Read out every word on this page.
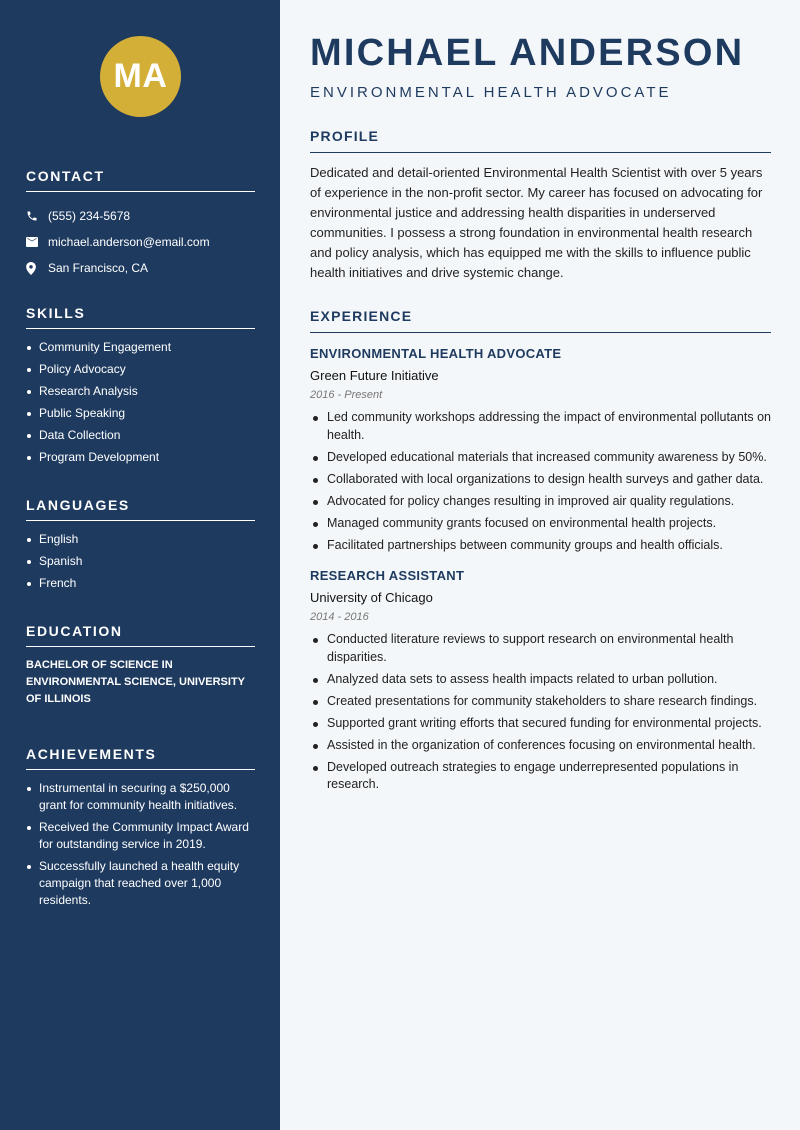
MA
CONTACT
(555) 234-5678
michael.anderson@email.com
San Francisco, CA
SKILLS
Community Engagement
Policy Advocacy
Research Analysis
Public Speaking
Data Collection
Program Development
LANGUAGES
English
Spanish
French
EDUCATION
BACHELOR OF SCIENCE IN ENVIRONMENTAL SCIENCE, UNIVERSITY OF ILLINOIS
ACHIEVEMENTS
Instrumental in securing a $250,000 grant for community health initiatives.
Received the Community Impact Award for outstanding service in 2019.
Successfully launched a health equity campaign that reached over 1,000 residents.
MICHAEL ANDERSON
ENVIRONMENTAL HEALTH ADVOCATE
PROFILE

Dedicated and detail-oriented Environmental Health Scientist with over 5 years of experience in the non-profit sector. My career has focused on advocating for environmental justice and addressing health disparities in underserved communities. I possess a strong foundation in environmental health research and policy analysis, which has equipped me with the skills to influence public health initiatives and drive systemic change.

EXPERIENCE
ENVIRONMENTAL HEALTH ADVOCATE
Green Future Initiative
2016 - Present
Led community workshops addressing the impact of environmental pollutants on health.
Developed educational materials that increased community awareness by 50%.
Collaborated with local organizations to design health surveys and gather data.
Advocated for policy changes resulting in improved air quality regulations.
Managed community grants focused on environmental health projects.
Facilitated partnerships between community groups and health officials.
RESEARCH ASSISTANT
University of Chicago
2014 - 2016
Conducted literature reviews to support research on environmental health disparities.
Analyzed data sets to assess health impacts related to urban pollution.
Created presentations for community stakeholders to share research findings.
Supported grant writing efforts that secured funding for environmental projects.
Assisted in the organization of conferences focusing on environmental health.
Developed outreach strategies to engage underrepresented populations in research.
